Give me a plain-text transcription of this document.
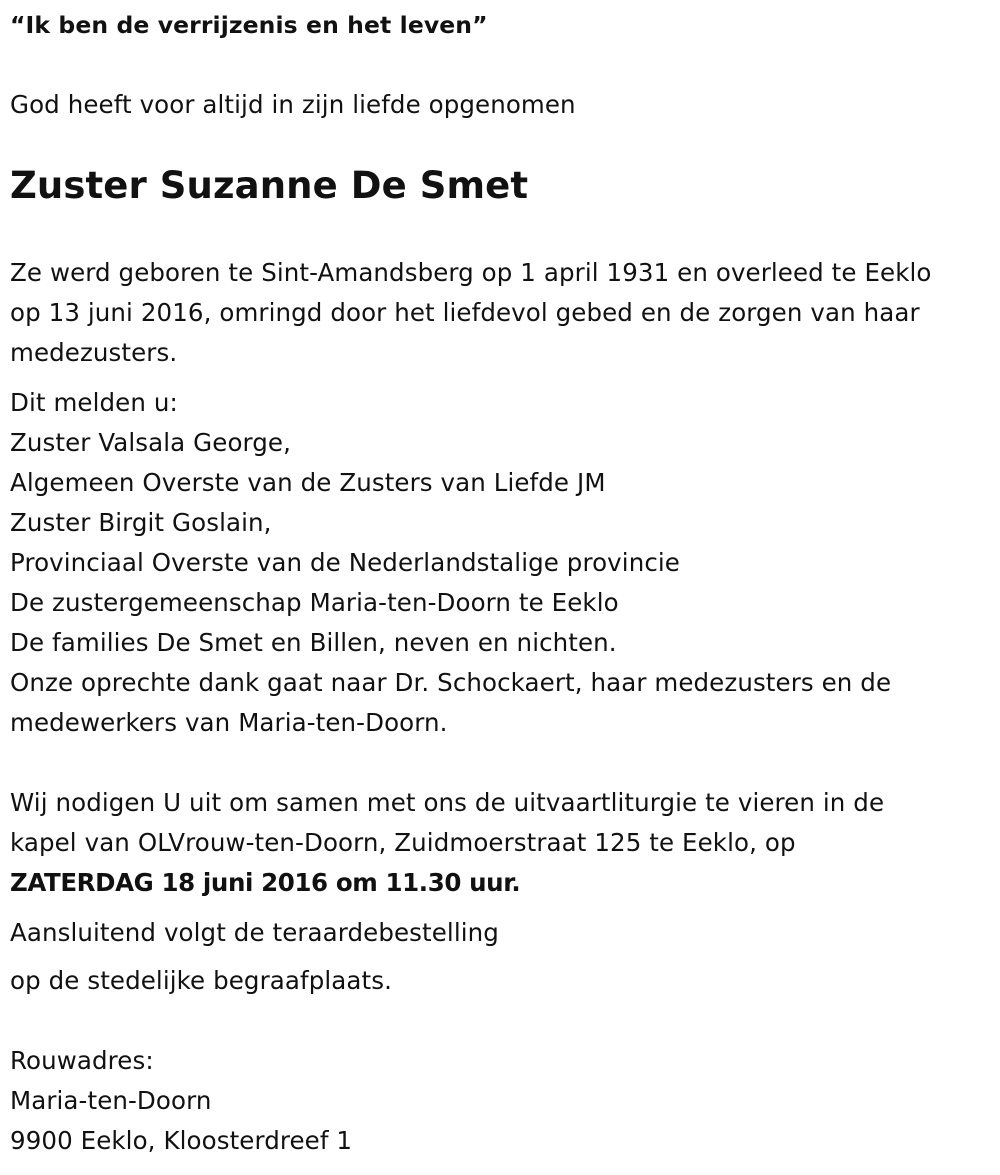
“Ik ben de verrijzenis en het leven”
God heeft voor altijd in zijn liefde opgenomen
Zuster Suzanne De Smet
Ze werd geboren te Sint-Amandsberg op 1 april 1931 en overleed te Eeklo
op 13 juni 2016, omringd door het liefdevol gebed en de zorgen van haar
medezusters.
Dit melden u:
Zuster Valsala George,
Algemeen Overste van de Zusters van Liefde JM
Zuster Birgit Goslain,
Provinciaal Overste van de Nederlandstalige provincie
De zustergemeenschap Maria-ten-Doorn te Eeklo
De families De Smet en Billen, neven en nichten.
Onze oprechte dank gaat naar Dr. Schockaert, haar medezusters en de
medewerkers van Maria-ten-Doorn.
Wij nodigen U uit om samen met ons de uitvaartliturgie te vieren in de
kapel van OLVrouw-ten-Doorn, Zuidmoerstraat 125 te Eeklo, op
ZATERDAG 18 juni 2016 om 11.30 uur.
Aansluitend volgt de teraardebestelling
op de stedelijke begraafplaats.
Rouwadres:
Maria-ten-Doorn
9900 Eeklo, Kloosterdreef 1
